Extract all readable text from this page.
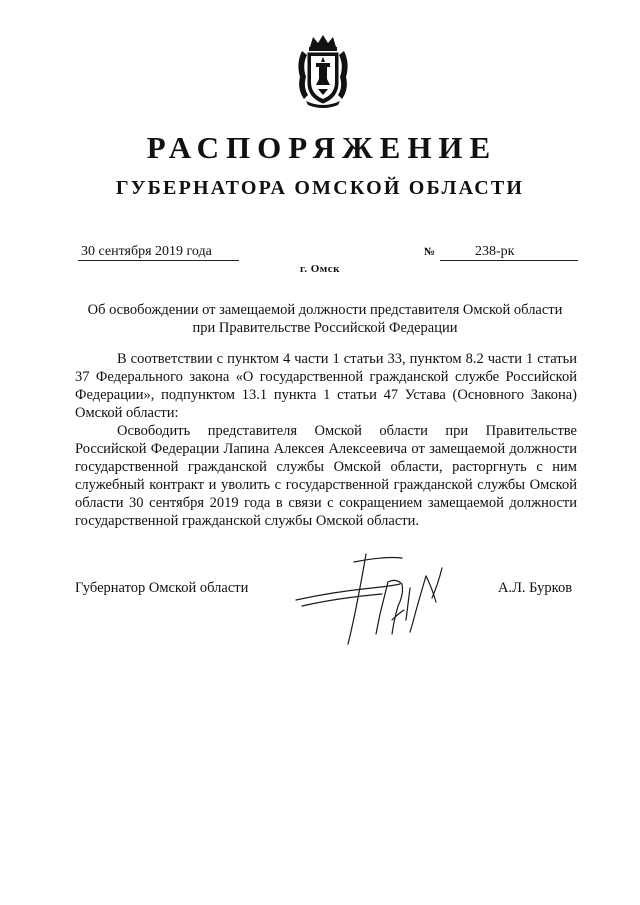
РАСПОРЯЖЕНИЕ
ГУБЕРНАТОРА ОМСКОЙ ОБЛАСТИ
30 сентября 2019 года	№	238-рк
г. Омск
Об освобождении от замещаемой должности представителя Омской области
при Правительстве Российской Федерации

В соответствии с пунктом 4 части 1 статьи 33, пунктом 8.2 части 1 статьи 37 Федерального закона «О государственной гражданской службе Российской Федерации», подпунктом 13.1 пункта 1 статьи 47 Устава (Основного Закона) Омской области:

Освободить представителя Омской области при Правительстве Российской Федерации Лапина Алексея Алексеевича от замещаемой должности государственной гражданской службы Омской области, расторгнуть с ним служебный контракт и уволить с государственной гражданской службы Омской области 30 сентября 2019 года в связи с сокращением замещаемой должности государственной гражданской службы Омской области.

Губернатор Омской области	А.Л. Бурков
